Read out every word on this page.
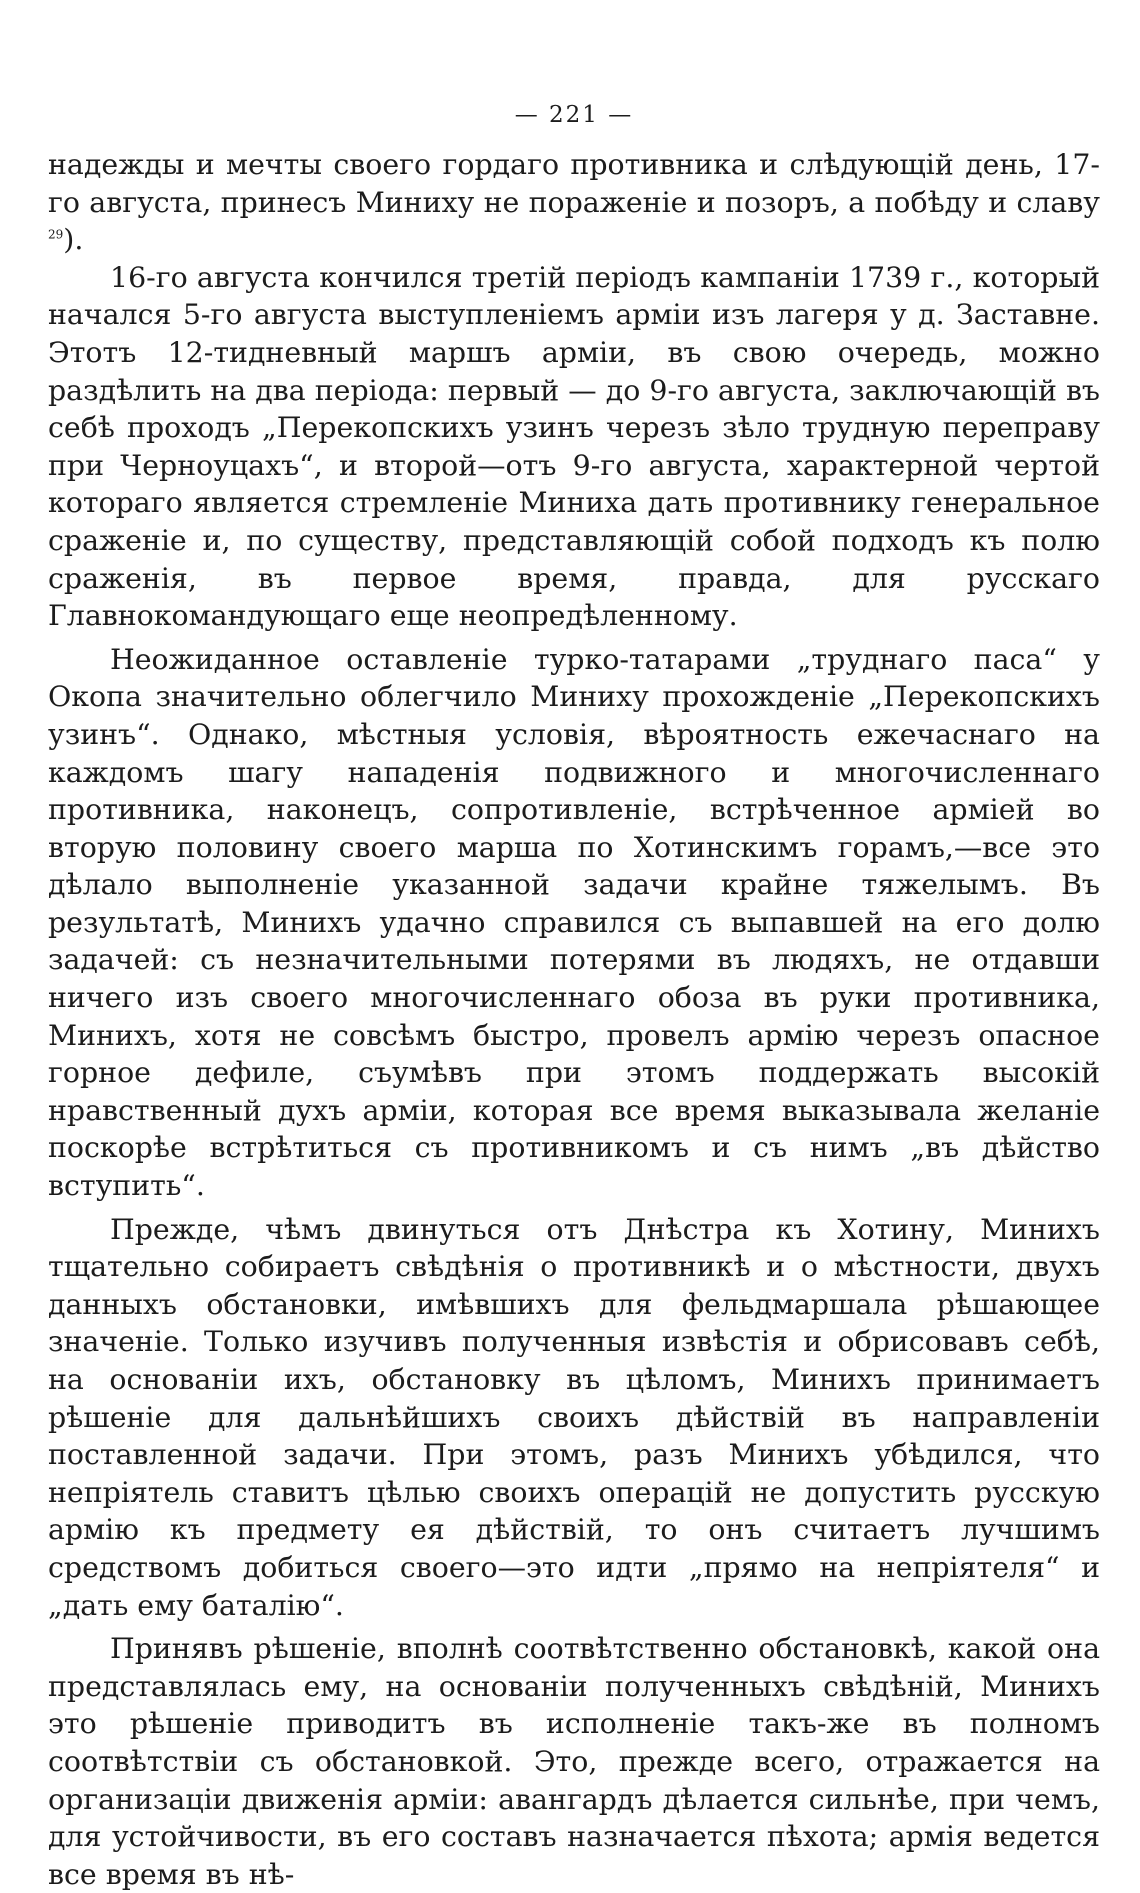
— 221 —

надежды и мечты своего гордаго противника и слѣдующій день, 17-го августа, принесъ Миниху не пораженіе и позоръ, а побѣду и славу $^{29}$).

16-го августа кончился третій періодъ кампаніи 1739 г., который начался 5-го августа выступленіемъ арміи изъ лагеря у д. Заставне. Этотъ 12-тидневный маршъ арміи, въ свою очередь, можно раздѣлить на два періода: первый — до 9-го августа, заключающій въ себѣ проходъ „Перекопскихъ узинъ черезъ зѣло трудную переправу при Черноуцахъ“, и второй—отъ 9-го августа, характерной чертой котораго является стремленіе Миниха дать противнику генеральное сраженіе и, по существу, представляющій собой подходъ къ полю сраженія, въ первое время, правда, для русскаго Главнокомандующаго еще неопредѣленному.

Неожиданное оставленіе турко-татарами „труднаго паса“ у Окопа значительно облегчило Миниху прохожденіе „Перекопскихъ узинъ“. Однако, мѣстныя условія, вѣроятность ежечаснаго на каждомъ шагу нападенія подвижного и многочисленнаго противника, наконецъ, сопротивленіе, встрѣченное арміей во вторую половину своего марша по Хотинскимъ горамъ,—все это дѣлало выполненіе указанной задачи крайне тяжелымъ. Въ результатѣ, Минихъ удачно справился съ выпавшей на его долю задачей: съ незначительными потерями въ людяхъ, не отдавши ничего изъ своего многочисленнаго обоза въ руки противника, Минихъ, хотя не совсѣмъ быстро, провелъ армію черезъ опасное горное дефиле, съумѣвъ при этомъ поддержать высокій нравственный духъ арміи, которая все время выказывала желаніе поскорѣе встрѣтиться съ противникомъ и съ нимъ „въ дѣйство вступить“.

Прежде, чѣмъ двинуться отъ Днѣстра къ Хотину, Минихъ тщательно собираетъ свѣдѣнія о противникѣ и о мѣстности, двухъ данныхъ обстановки, имѣвшихъ для фельдмаршала рѣшающее значеніе. Только изучивъ полученныя извѣстія и обрисовавъ себѣ, на основаніи ихъ, обстановку въ цѣломъ, Минихъ принимаетъ рѣшеніе для дальнѣйшихъ своихъ дѣйствій въ направленіи поставленной задачи. При этомъ, разъ Минихъ убѣдился, что непріятель ставитъ цѣлью своихъ операцій не допустить русскую армію къ предмету ея дѣйствій, то онъ считаетъ лучшимъ средствомъ добиться своего—это идти „прямо на непріятеля“ и „дать ему баталію“.

Принявъ рѣшеніе, вполнѣ соотвѣтственно обстановкѣ, какой она представлялась ему, на основаніи полученныхъ свѣдѣній, Минихъ это рѣшеніе приводитъ въ исполненіе такъ-же въ полномъ соотвѣтствіи съ обстановкой. Это, прежде всего, отражается на организаціи движенія арміи: авангардъ дѣлается сильнѣе, при чемъ, для устойчивости, въ его составъ назначается пѣхота; армія ведется все время въ нѣ-
